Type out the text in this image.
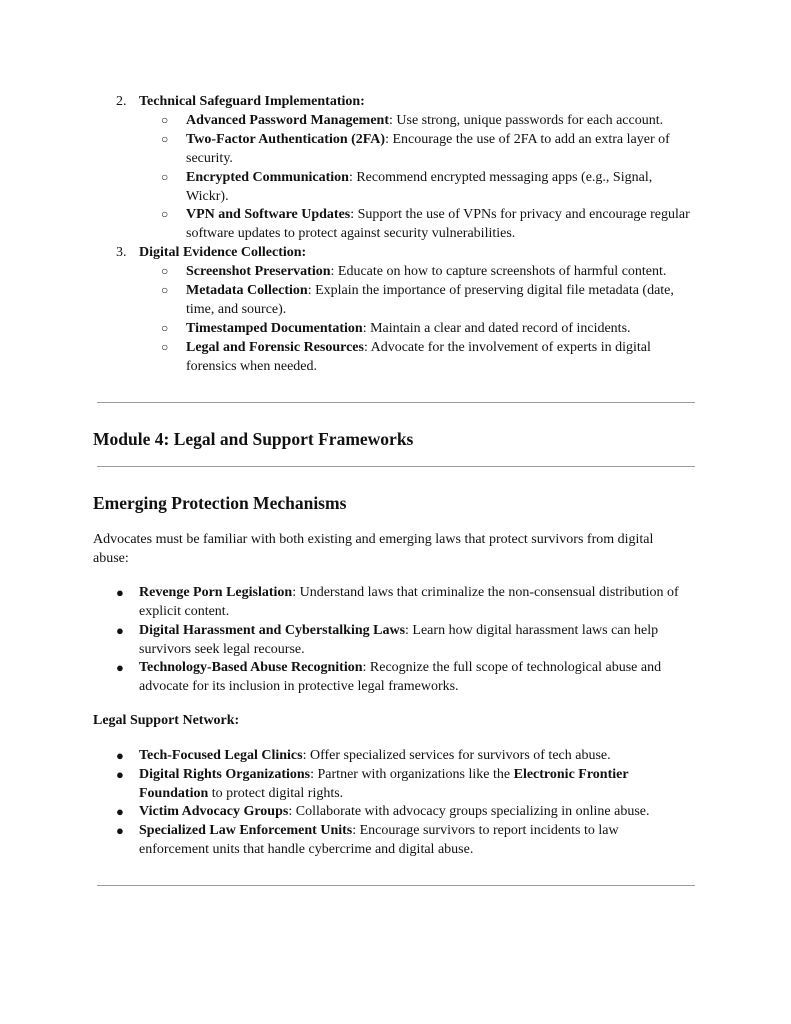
2. Technical Safeguard Implementation:
○ Advanced Password Management: Use strong, unique passwords for each account.
○ Two-Factor Authentication (2FA): Encourage the use of 2FA to add an extra layer of security.
○ Encrypted Communication: Recommend encrypted messaging apps (e.g., Signal, Wickr).
○ VPN and Software Updates: Support the use of VPNs for privacy and encourage regular software updates to protect against security vulnerabilities.
3. Digital Evidence Collection:
○ Screenshot Preservation: Educate on how to capture screenshots of harmful content.
○ Metadata Collection: Explain the importance of preserving digital file metadata (date, time, and source).
○ Timestamped Documentation: Maintain a clear and dated record of incidents.
○ Legal and Forensic Resources: Advocate for the involvement of experts in digital forensics when needed.
Module 4: Legal and Support Frameworks
Emerging Protection Mechanisms
Advocates must be familiar with both existing and emerging laws that protect survivors from digital abuse:
● Revenge Porn Legislation: Understand laws that criminalize the non-consensual distribution of explicit content.
● Digital Harassment and Cyberstalking Laws: Learn how digital harassment laws can help survivors seek legal recourse.
● Technology-Based Abuse Recognition: Recognize the full scope of technological abuse and advocate for its inclusion in protective legal frameworks.
Legal Support Network:
● Tech-Focused Legal Clinics: Offer specialized services for survivors of tech abuse.
● Digital Rights Organizations: Partner with organizations like the Electronic Frontier Foundation to protect digital rights.
● Victim Advocacy Groups: Collaborate with advocacy groups specializing in online abuse.
● Specialized Law Enforcement Units: Encourage survivors to report incidents to law enforcement units that handle cybercrime and digital abuse.
